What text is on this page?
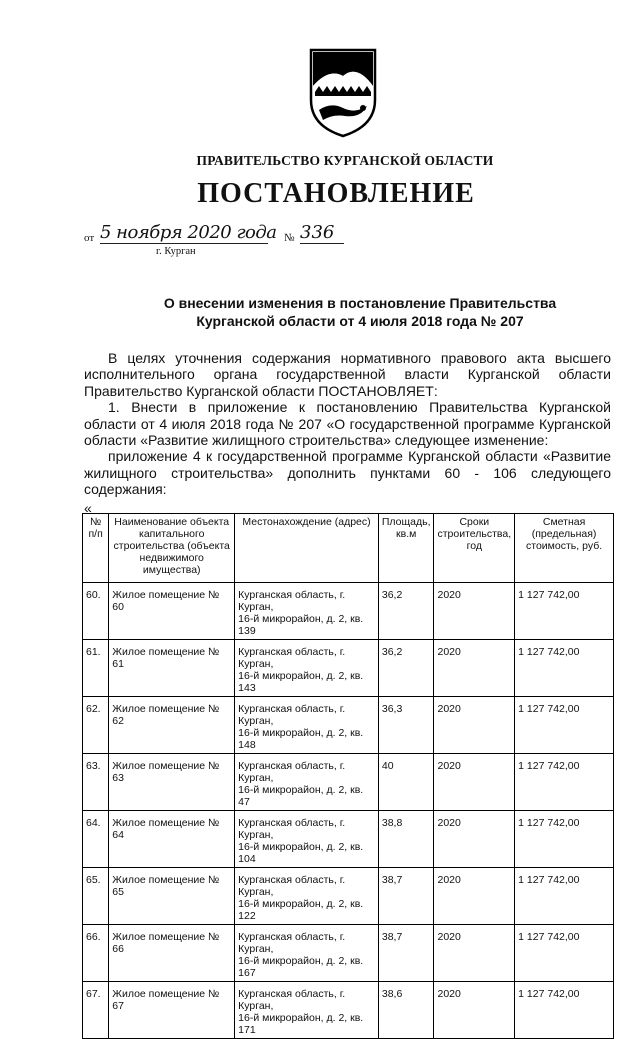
ПРАВИТЕЛЬСТВО КУРГАНСКОЙ ОБЛАСТИ
ПОСТАНОВЛЕНИЕ
от 5 ноября 2020 года № 336
г. Курган
О внесении изменения в постановление Правительства
Курганской области от 4 июля 2018 года № 207

В целях уточнения содержания нормативного правового акта высшего исполнительного органа государственной власти Курганской области Правительство Курганской области ПОСТАНОВЛЯЕТ:

1. Внести в приложение к постановлению Правительства Курганской области от 4 июля 2018 года № 207 «О государственной программе Курганской области «Развитие жилищного строительства» следующее изменение:

приложение 4 к государственной программе Курганской области «Развитие жилищного строительства» дополнить пунктами 60 - 106 следующего содержания:

«
№ п/п	Наименование объекта капитального строительства (объекта недвижимого имущества)	Местонахождение (адрес)	Площадь, кв.м	Сроки строительства, год	Сметная (предельная) стоимость, руб.
60.	Жилое помещение № 60	Курганская область, г. Курган,
16-й микрорайон, д. 2, кв. 139	36,2	2020	1 127 742,00
61.	Жилое помещение № 61	Курганская область, г. Курган,
16-й микрорайон, д. 2, кв. 143	36,2	2020	1 127 742,00
62.	Жилое помещение № 62	Курганская область, г. Курган,
16-й микрорайон, д. 2, кв. 148	36,3	2020	1 127 742,00
63.	Жилое помещение № 63	Курганская область, г. Курган,
16-й микрорайон, д. 2, кв. 47	40	2020	1 127 742,00
64.	Жилое помещение № 64	Курганская область, г. Курган,
16-й микрорайон, д. 2, кв. 104	38,8	2020	1 127 742,00
65.	Жилое помещение № 65	Курганская область, г. Курган,
16-й микрорайон, д. 2, кв. 122	38,7	2020	1 127 742,00
66.	Жилое помещение № 66	Курганская область, г. Курган,
16-й микрорайон, д. 2, кв. 167	38,7	2020	1 127 742,00
67.	Жилое помещение № 67	Курганская область, г. Курган,
16-й микрорайон, д. 2, кв. 171	38,6	2020	1 127 742,00
